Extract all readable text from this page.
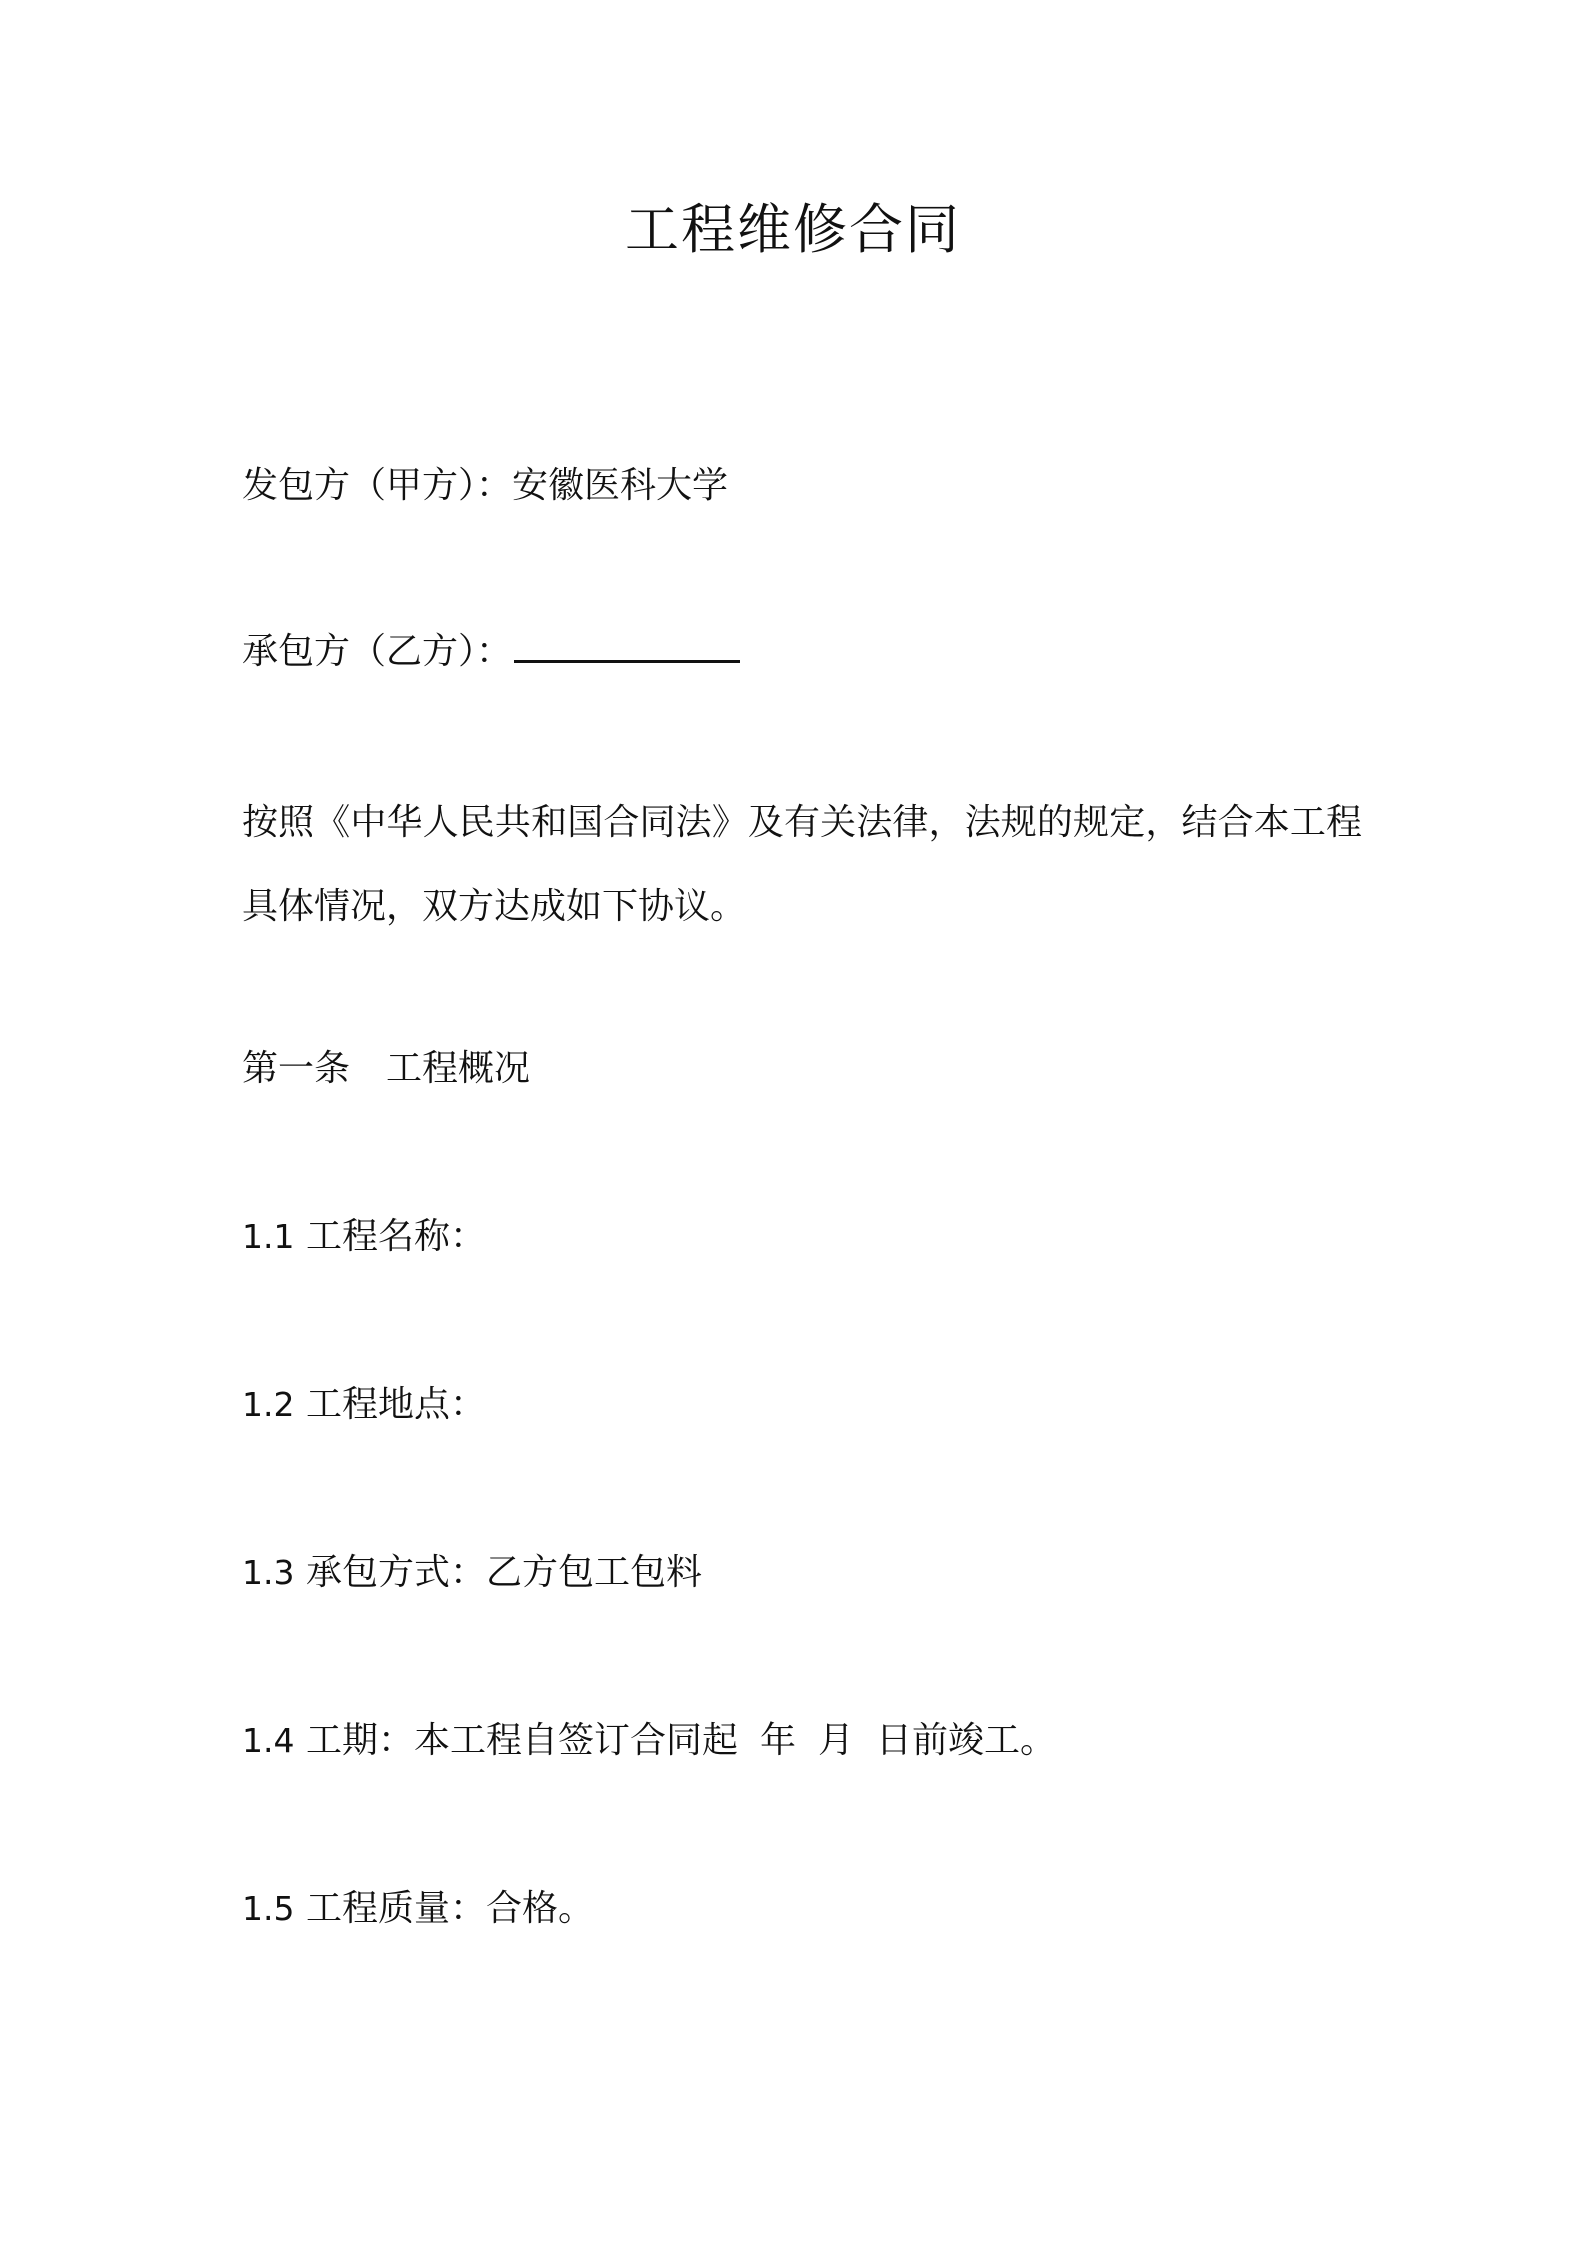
工程维修合同
发包方（甲方）：安徽医科大学
承包方（乙方）：
按照《中华人民共和国合同法》及有关法律，法规的规定，结合本工程具体情况，双方达成如下协议。
第一条 工程概况
1.1 工程名称：
1.2 工程地点：
1.3 承包方式：乙方包工包料
1.4 工期：本工程自签订合同起 年 月 日前竣工。
1.5 工程质量：合格。
